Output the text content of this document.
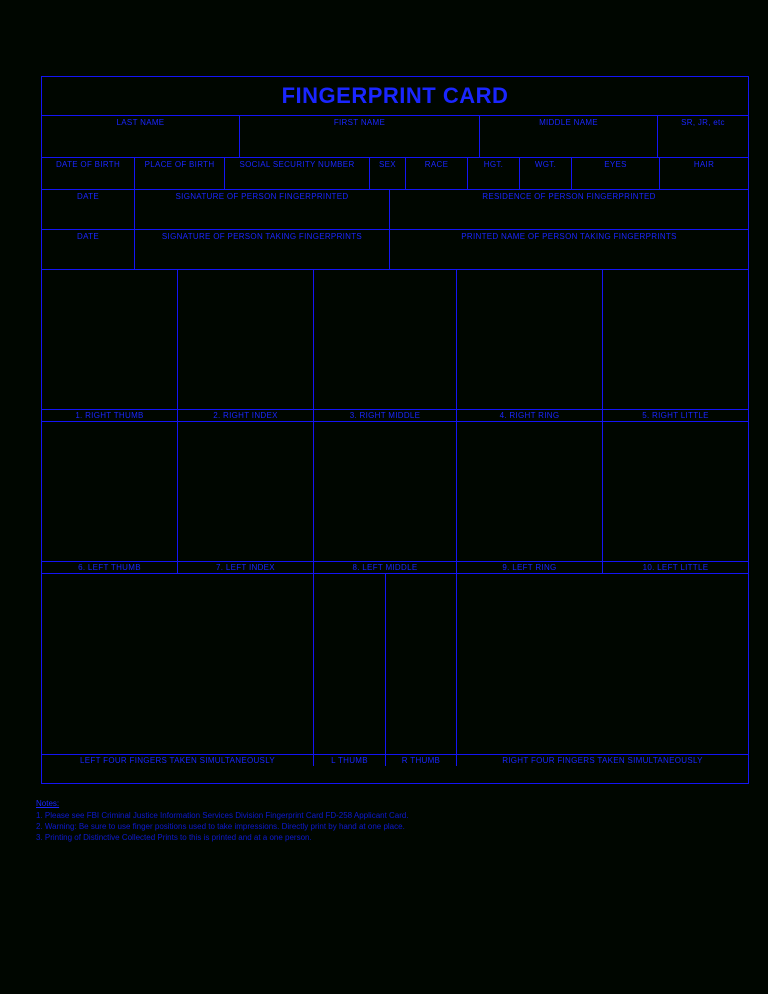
FINGERPRINT CARD
LAST NAME	FIRST NAME	MIDDLE NAME	SR, JR, etc
DATE OF BIRTH	PLACE OF BIRTH	SOCIAL SECURITY NUMBER	SEX	RACE	HGT.	WGT.	EYES	HAIR
DATE	SIGNATURE OF PERSON FINGERPRINTED	RESIDENCE OF PERSON FINGERPRINTED
DATE	SIGNATURE OF PERSON TAKING FINGERPRINTS	PRINTED NAME OF PERSON TAKING FINGERPRINTS
1. RIGHT THUMB	2. RIGHT INDEX	3. RIGHT MIDDLE	4. RIGHT RING	5. RIGHT LITTLE
6. LEFT THUMB	7. LEFT INDEX	8. LEFT MIDDLE	9. LEFT RING	10. LEFT LITTLE
LEFT FOUR FINGERS TAKEN SIMULTANEOUSLY	L THUMB	R THUMB	RIGHT FOUR FINGERS TAKEN SIMULTANEOUSLY
Notes:
1. Please see FBI Criminal Justice Information Services Division Fingerprint Card FD-258 Applicant Card.
2. Warning: Be sure to use finger positions used to take impressions. Directly print by hand at one place.
3. Printing of Distinctive Collected Prints to this is printed and at a one person.
